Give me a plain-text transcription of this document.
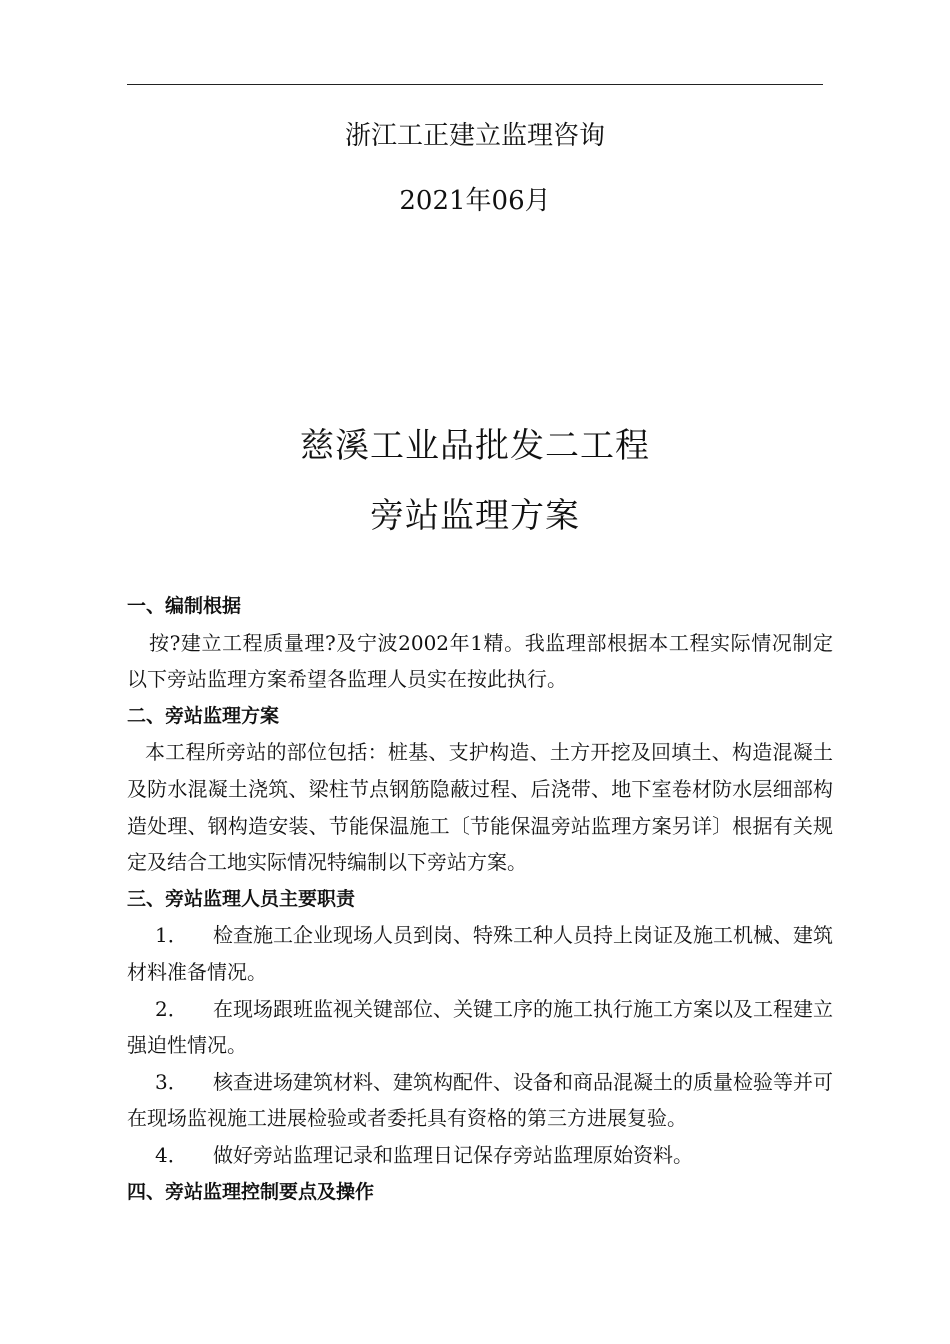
浙江工正建立监理咨询
2021年06月
慈溪工业品批发二工程
旁站监理方案

一、编制根据

按?建立工程质量理?及宁波2002年1精。我监理部根据本工程实际情况制定以下旁站监理方案希望各监理人员实在按此执行。

二、旁站监理方案

本工程所旁站的部位包括：桩基、支护构造、土方开挖及回填土、构造混凝土及防水混凝土浇筑、梁柱节点钢筋隐蔽过程、后浇带、地下室卷材防水层细部构造处理、钢构造安装、节能保温施工〔节能保温旁站监理方案另详〕根据有关规定及结合工地实际情况特编制以下旁站方案。

三、旁站监理人员主要职责

1． 检查施工企业现场人员到岗、特殊工种人员持上岗证及施工机械、建筑材料准备情况。

2． 在现场跟班监视关键部位、关键工序的施工执行施工方案以及工程建立强迫性情况。

3． 核查进场建筑材料、建筑构配件、设备和商品混凝土的质量检验等并可在现场监视施工进展检验或者委托具有资格的第三方进展复验。

4． 做好旁站监理记录和监理日记保存旁站监理原始资料。

四、旁站监理控制要点及操作
